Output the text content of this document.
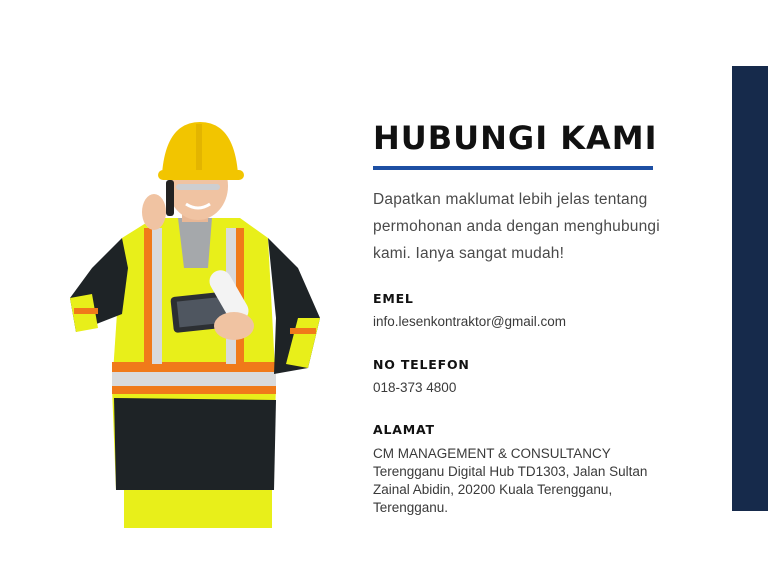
HUBUNGI KAMI
Dapatkan maklumat lebih jelas tentang
permohonan anda dengan menghubungi
kami. Ianya sangat mudah!
EMEL
info.lesenkontraktor@gmail.com
NO TELEFON
018-373 4800
ALAMAT
CM MANAGEMENT & CONSULTANCY
Terengganu Digital Hub TD1303, Jalan Sultan
Zainal Abidin, 20200 Kuala Terengganu,
Terengganu.
